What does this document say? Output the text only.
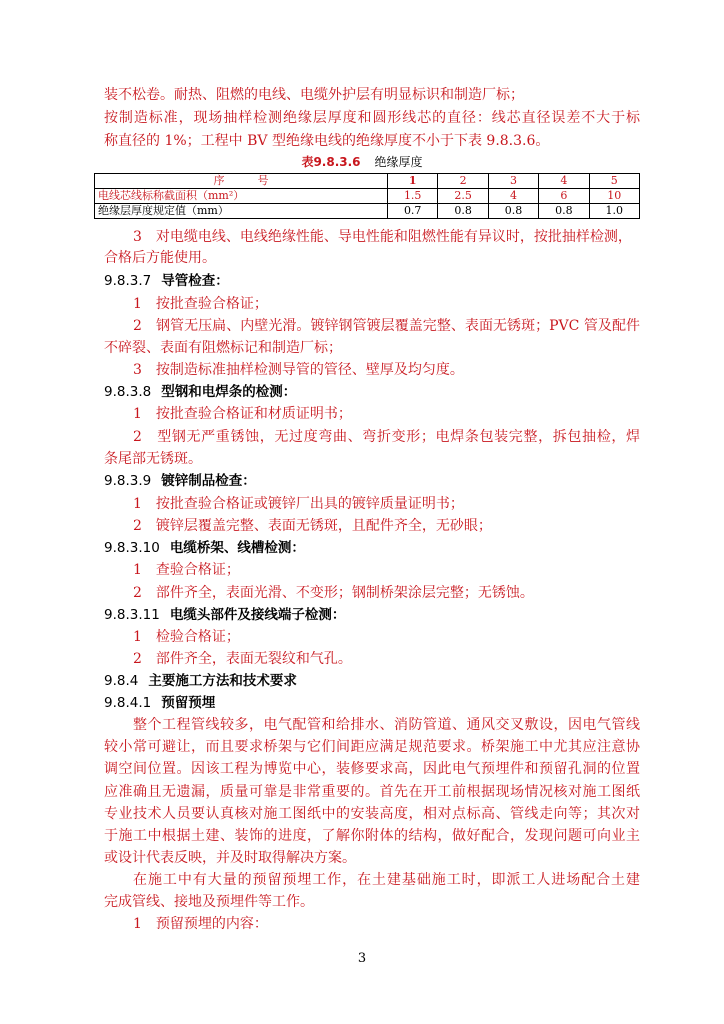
装不松卷。耐热、阻燃的电线、电缆外护层有明显标识和制造厂标；
按制造标准，现场抽样检测绝缘层厚度和圆形线芯的直径：线芯直径误差不大于标
称直径的 1%；工程中 BV 型绝缘电线的绝缘厚度不小于下表 9.8.3.6。
表9.8.3.6 绝缘厚度
序　　　号	1	2	3	4	5
电线芯线标称截面积（mm²）	1.5	2.5	4	6	10
绝缘层厚度规定值（mm）	0.7	0.8	0.8	0.8	1.0
3　对电缆电线、电线绝缘性能、导电性能和阻燃性能有异议时，按批抽样检测，
合格后方能使用。
9.8.3.7 导管检查：
1　按批查验合格证；
2　钢管无压扁、内壁光滑。镀锌钢管镀层覆盖完整、表面无锈斑；PVC 管及配件
不碎裂、表面有阻燃标记和制造厂标；
3　按制造标准抽样检测导管的管径、壁厚及均匀度。
9.8.3.8 型钢和电焊条的检测：
1　按批查验合格证和材质证明书；
2　型钢无严重锈蚀，无过度弯曲、弯折变形；电焊条包装完整，拆包抽检，焊
条尾部无锈斑。
9.8.3.9 镀锌制品检查：
1　按批查验合格证或镀锌厂出具的镀锌质量证明书；
2　镀锌层覆盖完整、表面无锈斑，且配件齐全，无砂眼；
9.8.3.10 电缆桥架、线槽检测：
1　查验合格证；
2　部件齐全，表面光滑、不变形；钢制桥架涂层完整；无锈蚀。
9.8.3.11 电缆头部件及接线端子检测：
1　检验合格证；
2　部件齐全，表面无裂纹和气孔。
9.8.4 主要施工方法和技术要求
9.8.4.1 预留预埋
整个工程管线较多，电气配管和给排水、消防管道、通风交叉敷设，因电气管线
较小常可避让，而且要求桥架与它们间距应满足规范要求。桥架施工中尤其应注意协
调空间位置。因该工程为博览中心，装修要求高，因此电气预埋件和预留孔洞的位置
应准确且无遗漏，质量可靠是非常重要的。首先在开工前根据现场情况核对施工图纸
专业技术人员要认真核对施工图纸中的安装高度，相对点标高、管线走向等；其次对
于施工中根据土建、装饰的进度，了解你附体的结构，做好配合，发现问题可向业主
或设计代表反映，并及时取得解决方案。
在施工中有大量的预留预埋工作，在土建基础施工时，即派工人进场配合土建
完成管线、接地及预埋件等工作。
1　预留预埋的内容：
3
